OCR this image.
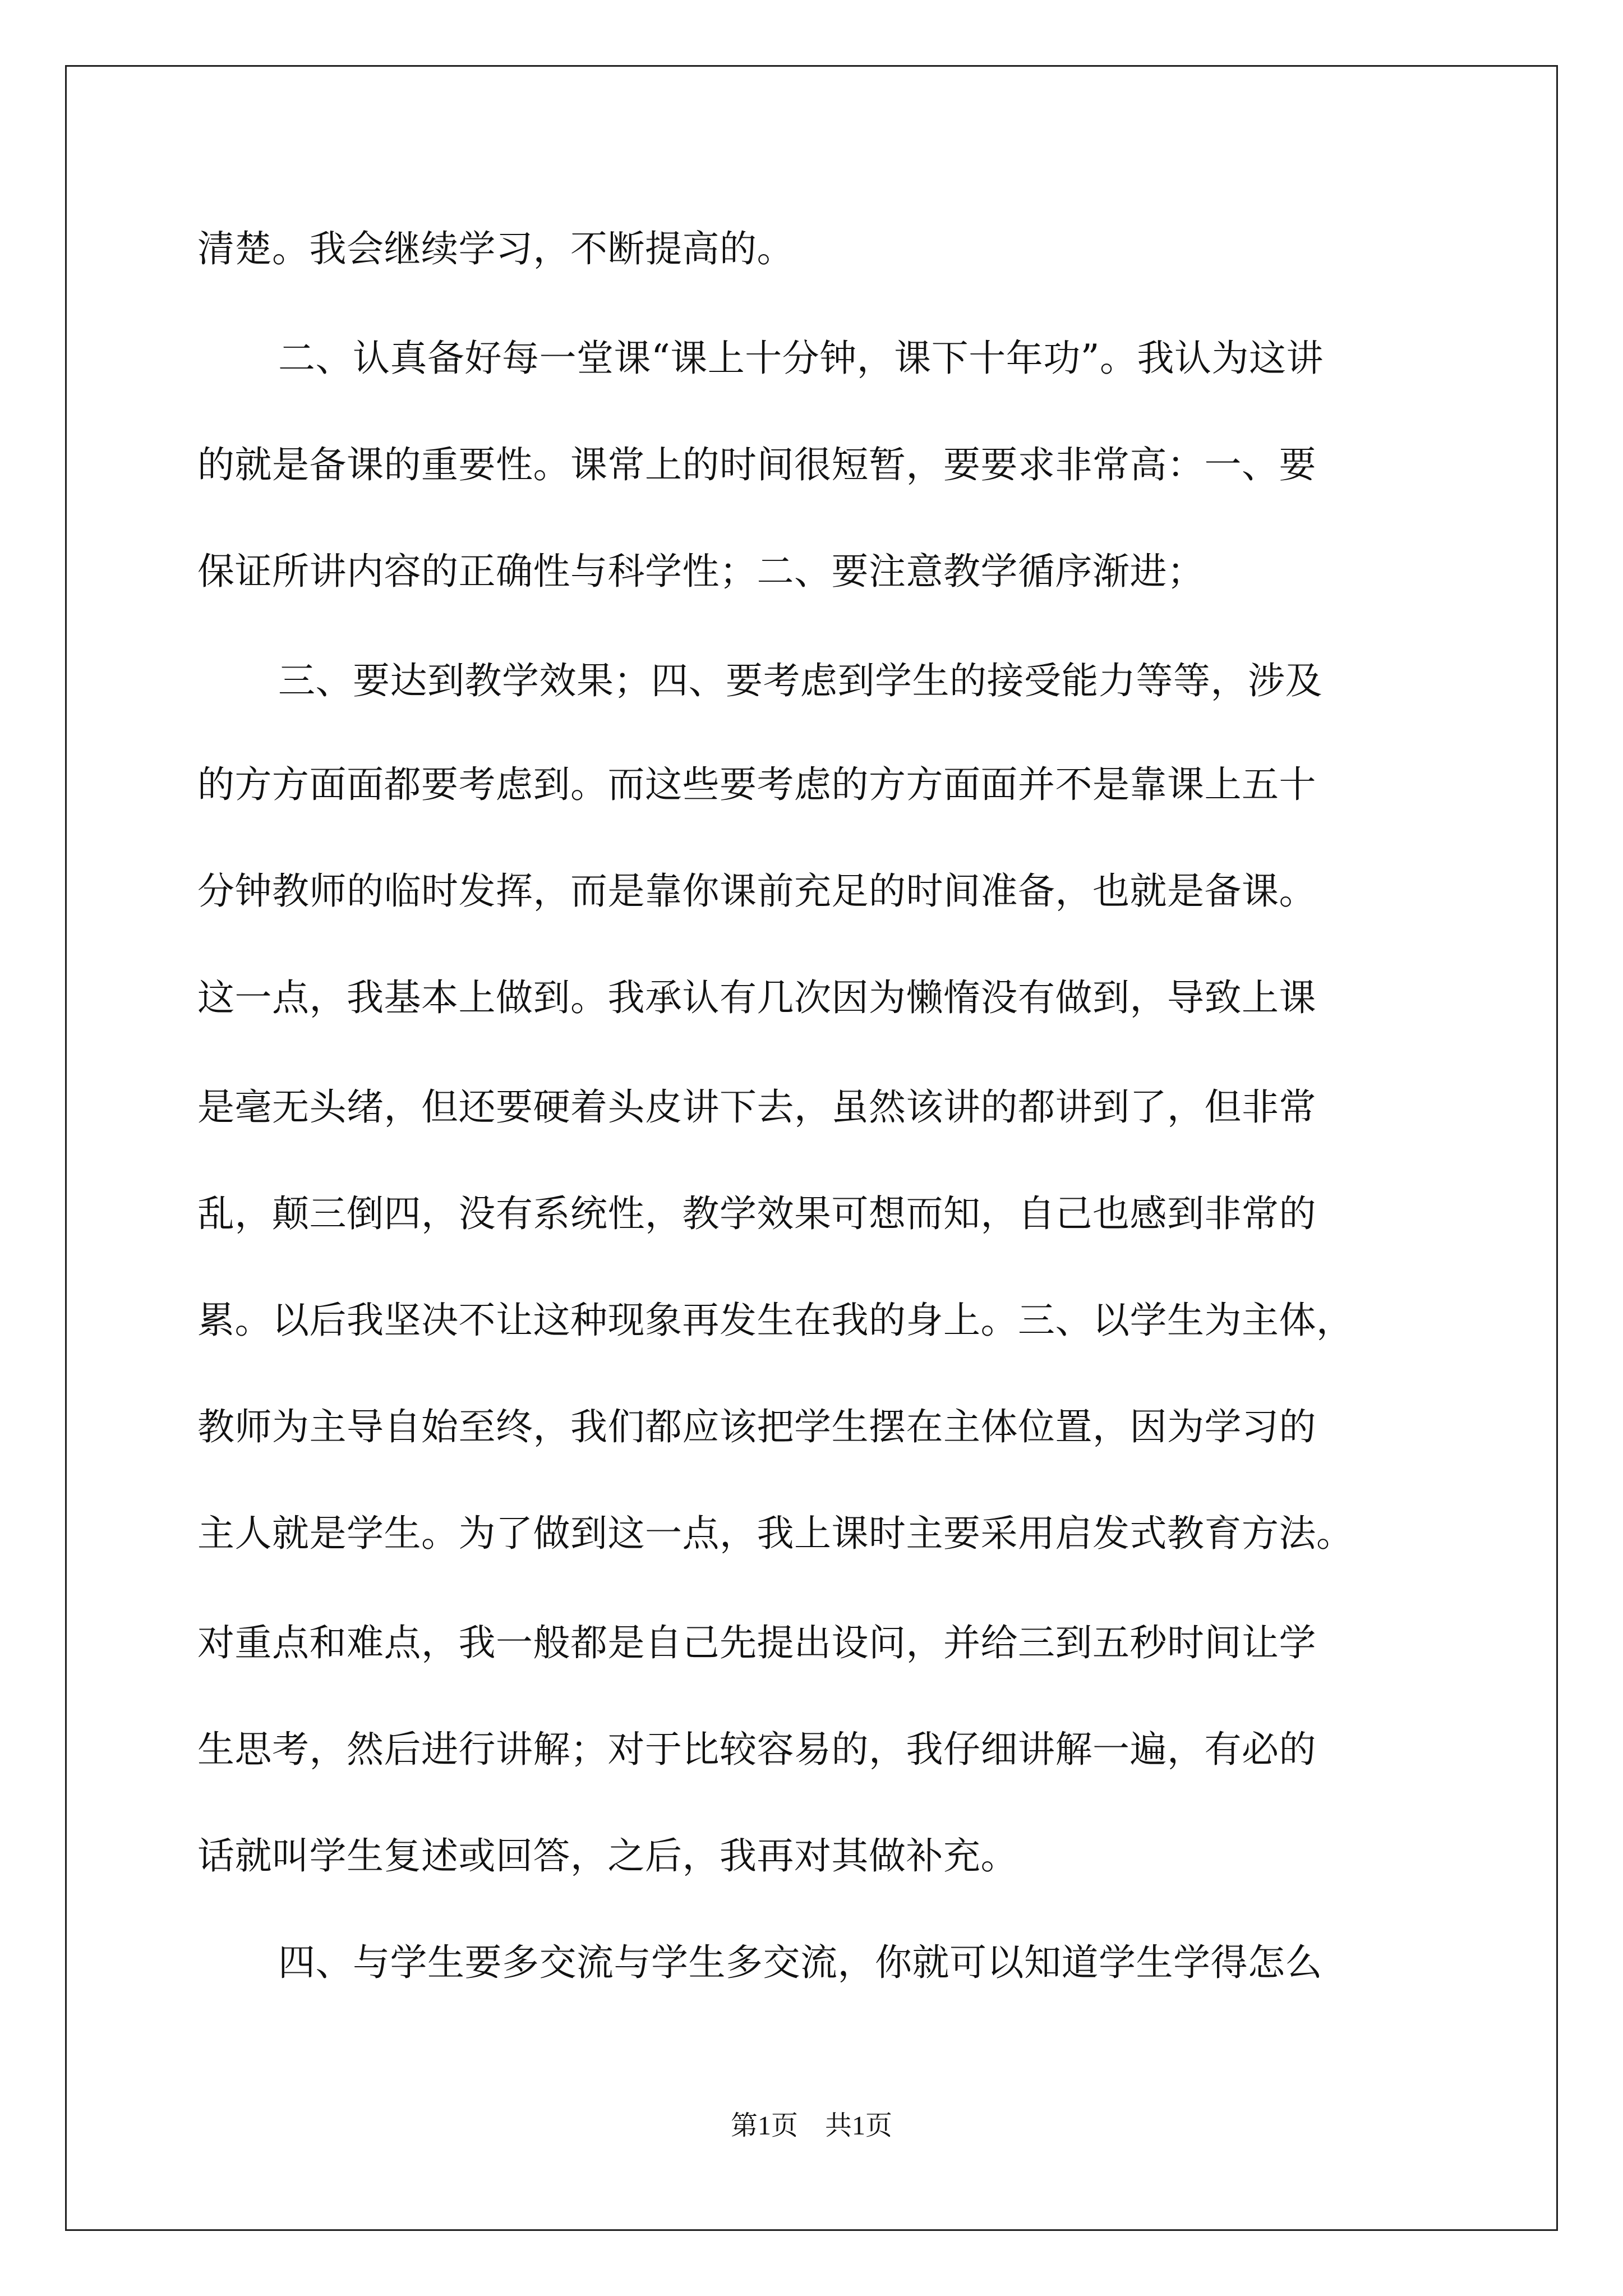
清楚。我会继续学习，不断提高的。
二、认真备好每一堂课“课上十分钟，课下十年功”。我认为这讲
的就是备课的重要性。课常上的时间很短暂，要要求非常高：一、要
保证所讲内容的正确性与科学性；二、要注意教学循序渐进；
三、要达到教学效果；四、要考虑到学生的接受能力等等，涉及
的方方面面都要考虑到。而这些要考虑的方方面面并不是靠课上五十
分钟教师的临时发挥，而是靠你课前充足的时间准备，也就是备课。
这一点，我基本上做到。我承认有几次因为懒惰没有做到，导致上课
是毫无头绪，但还要硬着头皮讲下去，虽然该讲的都讲到了，但非常
乱，颠三倒四，没有系统性，教学效果可想而知，自己也感到非常的
累。以后我坚决不让这种现象再发生在我的身上。三、以学生为主体，
教师为主导自始至终，我们都应该把学生摆在主体位置，因为学习的
主人就是学生。为了做到这一点，我上课时主要采用启发式教育方法。
对重点和难点，我一般都是自己先提出设问，并给三到五秒时间让学
生思考，然后进行讲解；对于比较容易的，我仔细讲解一遍，有必的
话就叫学生复述或回答，之后，我再对其做补充。
四、与学生要多交流与学生多交流，你就可以知道学生学得怎么
第1页 共1页
